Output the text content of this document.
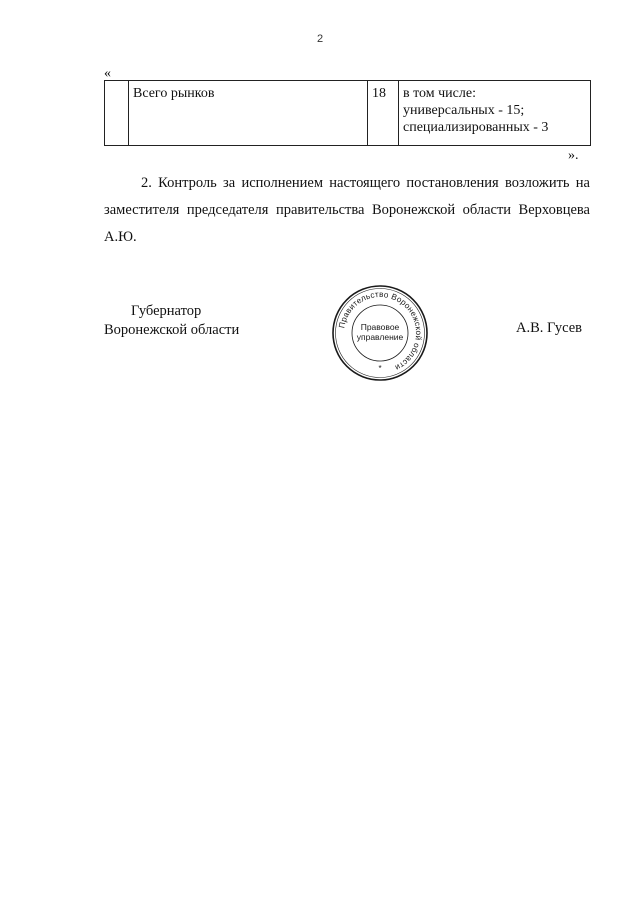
2
«
	Всего рынков	18	в том числе:
универсальных - 15;
специализированных - 3
».
2. Контроль за исполнением настоящего постановления возложить на заместителя председателя правительства Воронежской области Верховцева А.Ю.
Губернатор
Воронежской области	Правительство Воронежской области
Правовое
управление
*
А.В. Гусев
